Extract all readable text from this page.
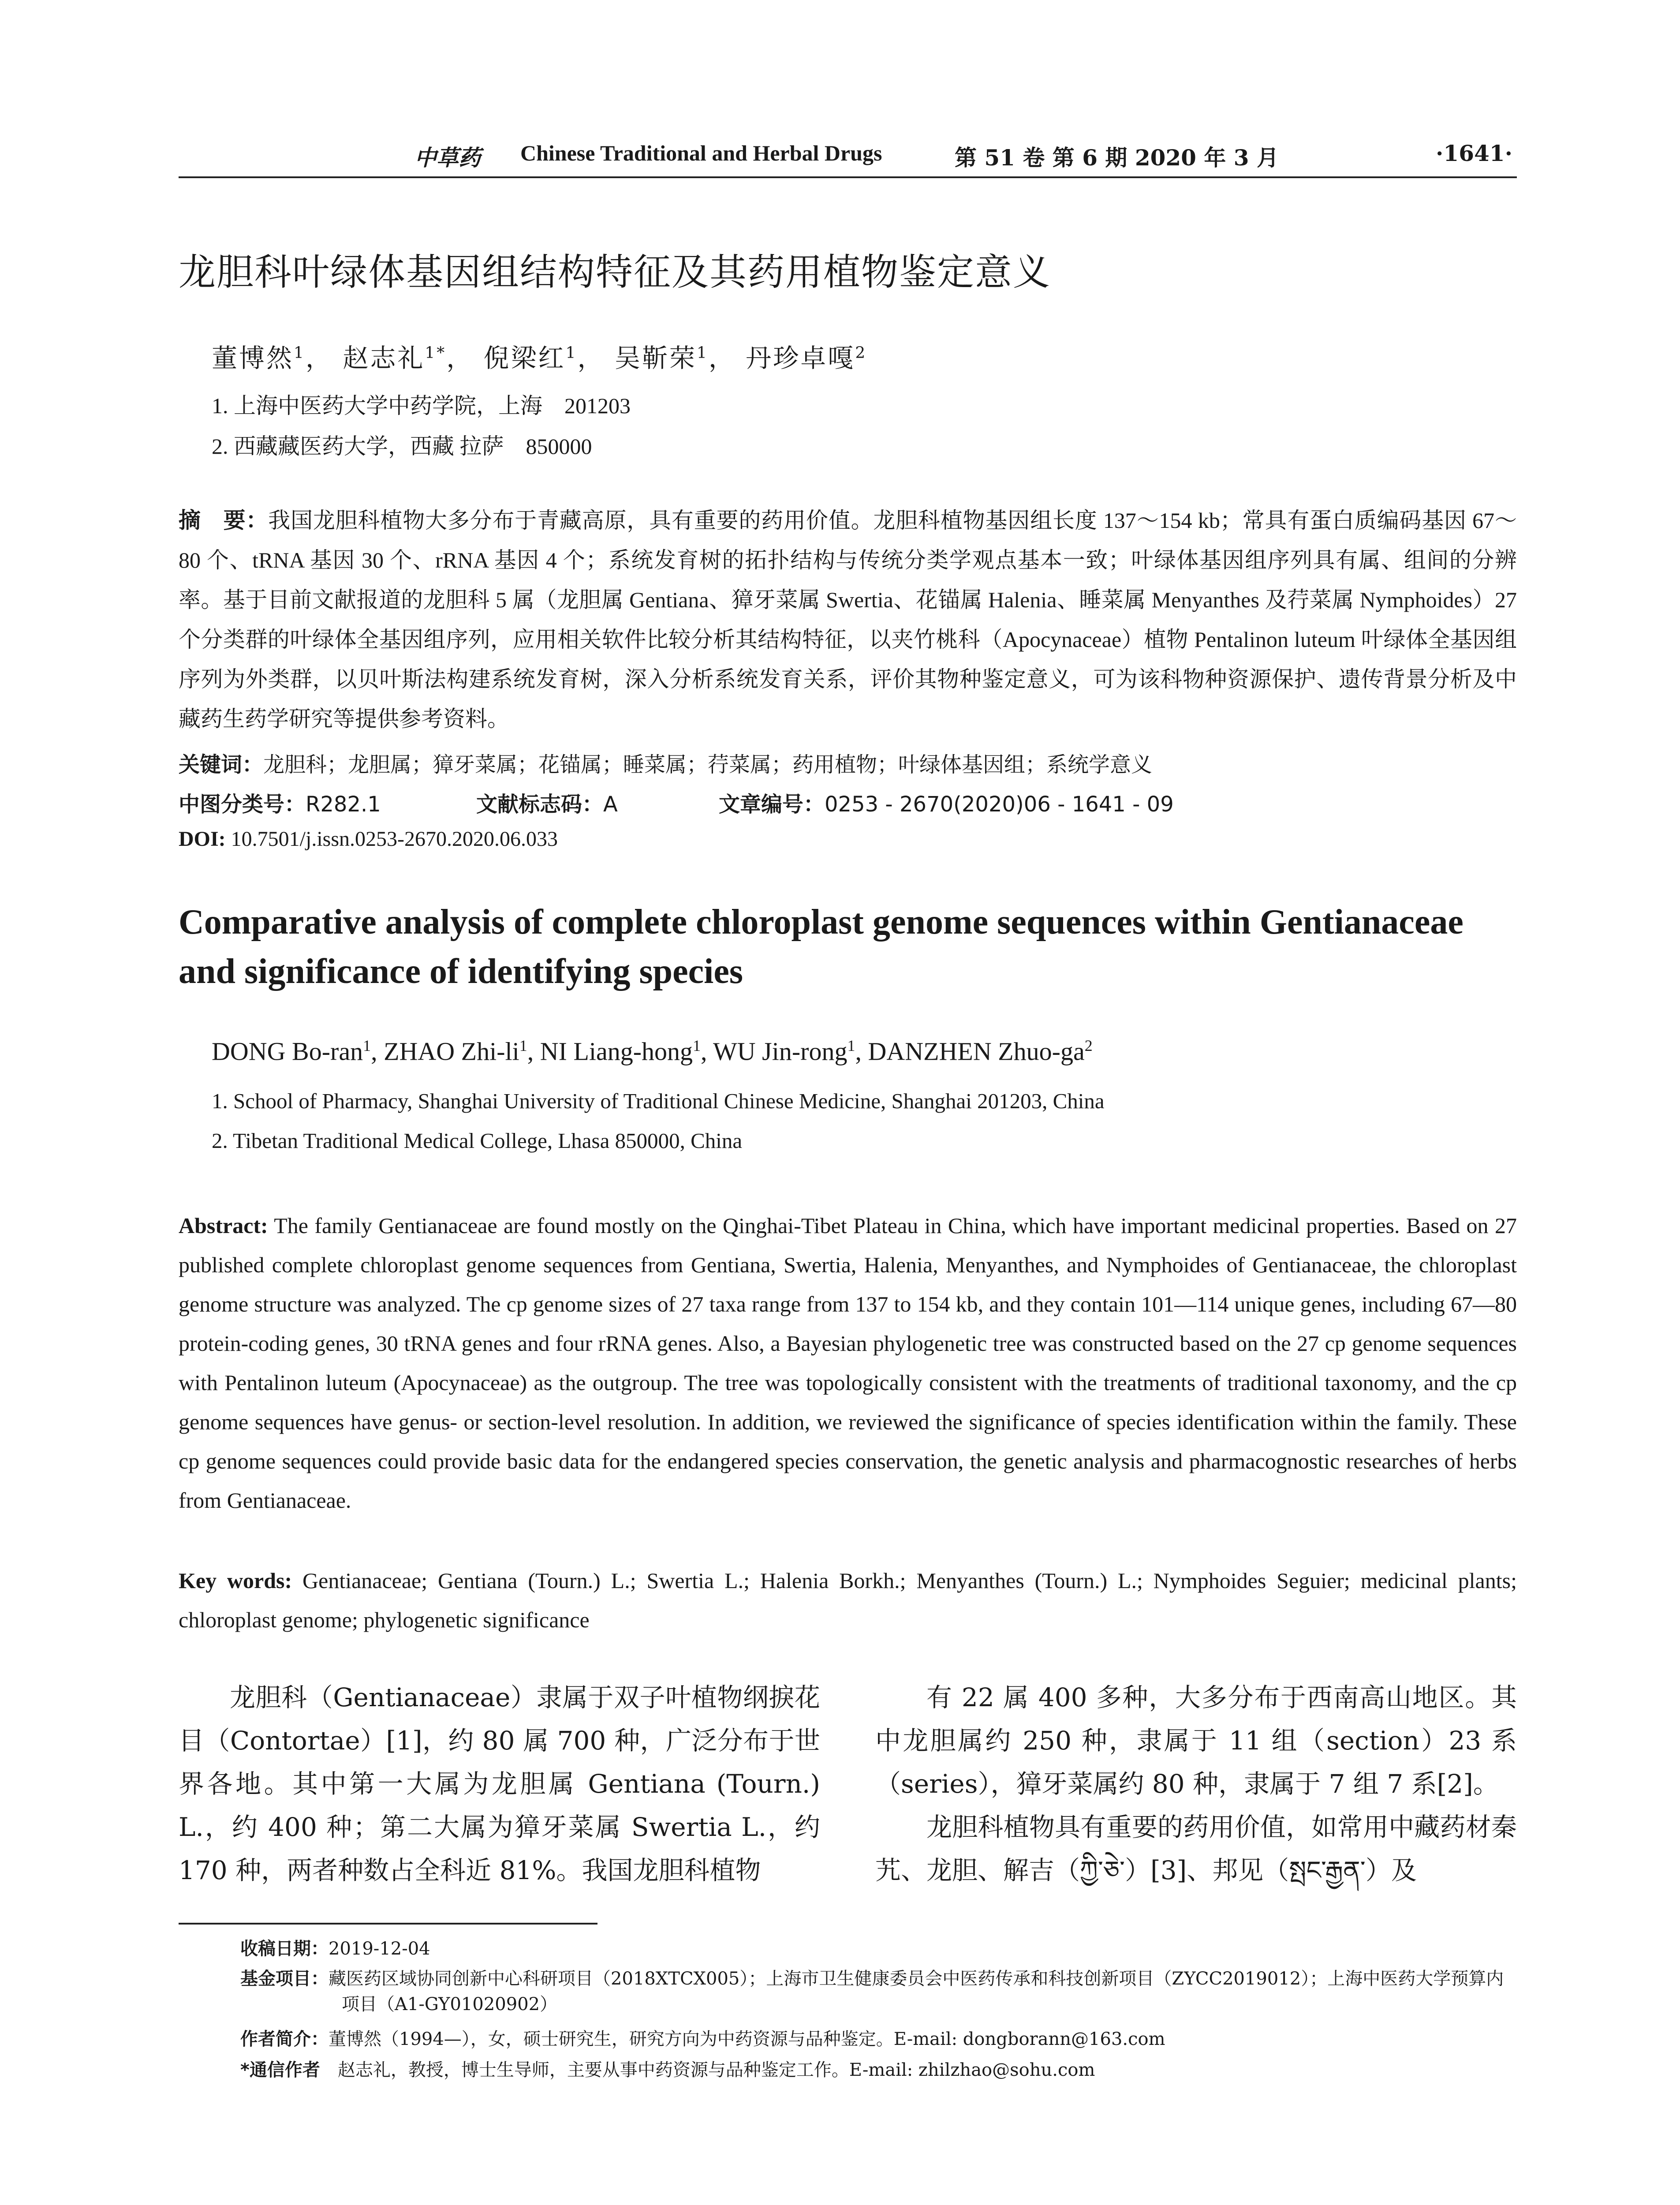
中草药 Chinese Traditional and Herbal Drugs	第 51 卷 第 6 期 2020 年 3 月	·1641·
龙胆科叶绿体基因组结构特征及其药用植物鉴定意义
董博然$^1$， 赵志礼$^{1*}$， 倪梁红$^1$， 吴靳荣$^1$， 丹珍卓嘎$^2$
1. 上海中医药大学中药学院，上海　201203
2. 西藏藏医药大学，西藏 拉萨　850000
摘　要：我国龙胆科植物大多分布于青藏高原，具有重要的药用价值。龙胆科植物基因组长度 137～154 kb；常具有蛋白质编码基因 67～80 个、tRNA 基因 30 个、rRNA 基因 4 个；系统发育树的拓扑结构与传统分类学观点基本一致；叶绿体基因组序列具有属、组间的分辨率。基于目前文献报道的龙胆科 5 属（龙胆属 Gentiana、獐牙菜属 Swertia、花锚属 Halenia、睡菜属 Menyanthes 及荇菜属 Nymphoides）27 个分类群的叶绿体全基因组序列，应用相关软件比较分析其结构特征，以夹竹桃科（Apocynaceae）植物 Pentalinon luteum 叶绿体全基因组序列为外类群，以贝叶斯法构建系统发育树，深入分析系统发育关系，评价其物种鉴定意义，可为该科物种资源保护、遗传背景分析及中藏药生药学研究等提供参考资料。
关键词：龙胆科；龙胆属；獐牙菜属；花锚属；睡菜属；荇菜属；药用植物；叶绿体基因组；系统学意义
中图分类号：R282.1	文献标志码：A	文章编号：0253 - 2670(2020)06 - 1641 - 09
DOI: 10.7501/j.issn.0253-2670.2020.06.033
Comparative analysis of complete chloroplast genome sequences within Gentianaceae and significance of identifying species
DONG Bo-ran$^1$, ZHAO Zhi-$li^1$, NI Liang-hong$^1$, WU Jin-rong$^1$, DANZHEN Zhuo-$ga^2$
1. School of Pharmacy, Shanghai University of Traditional Chinese Medicine, Shanghai 201203, China
2. Tibetan Traditional Medical College, Lhasa 850000, China
Abstract: The family Gentianaceae are found mostly on the Qinghai-Tibet Plateau in China, which have important medicinal properties. Based on 27 published complete chloroplast genome sequences from Gentiana, Swertia, Halenia, Menyanthes, and Nymphoides of Gentianaceae, the chloroplast genome structure was analyzed. The cp genome sizes of 27 taxa range from 137 to 154 kb, and they contain 101—114 unique genes, including 67—80 protein-coding genes, 30 tRNA genes and four rRNA genes. Also, a Bayesian phylogenetic tree was constructed based on the 27 cp genome sequences with Pentalinon luteum (Apocynaceae) as the outgroup. The tree was topologically consistent with the treatments of traditional taxonomy, and the cp genome sequences have genus- or section-level resolution. In addition, we reviewed the significance of species identification within the family. These cp genome sequences could provide basic data for the endangered species conservation, the genetic analysis and pharmacognostic researches of herbs from Gentianaceae.
Key words: Gentianaceae; Gentiana (Tourn.) L.; Swertia L.; Halenia Borkh.; Menyanthes (Tourn.) L.; Nymphoides Seguier; medicinal plants; chloroplast genome; phylogenetic significance

龙胆科（Gentianaceae）隶属于双子叶植物纲捩花目（Contortae）[1]，约 80 属 700 种，广泛分布于世界各地。其中第一大属为龙胆属 Gentiana (Tourn.) L.，约 400 种；第二大属为獐牙菜属 Swertia L.，约 170 种，两者种数占全科近 81%。我国龙胆科植物

有 22 属 400 多种，大多分布于西南高山地区。其中龙胆属约 250 种，隶属于 11 组（section）23 系（series），獐牙菜属约 80 种，隶属于 7 组 7 系[2]。

龙胆科植物具有重要的药用价值，如常用中藏药材秦艽、龙胆、解吉（ཀྱི་ཅེ་）[3]、邦见（སྤང་རྒྱན་）及

收稿日期：2019-12-04
基金项目：藏医药区域协同创新中心科研项目（2018XTCX005）；上海市卫生健康委员会中医药传承和科技创新项目（ZYCC2019012）；上海中医药大学预算内项目（A1-GY01020902）
作者简介：董博然（1994—），女，硕士研究生，研究方向为中药资源与品种鉴定。E-mail: dongborann@163.com
*通信作者　 赵志礼，教授，博士生导师，主要从事中药资源与品种鉴定工作。E-mail: zhilzhao@sohu.com
